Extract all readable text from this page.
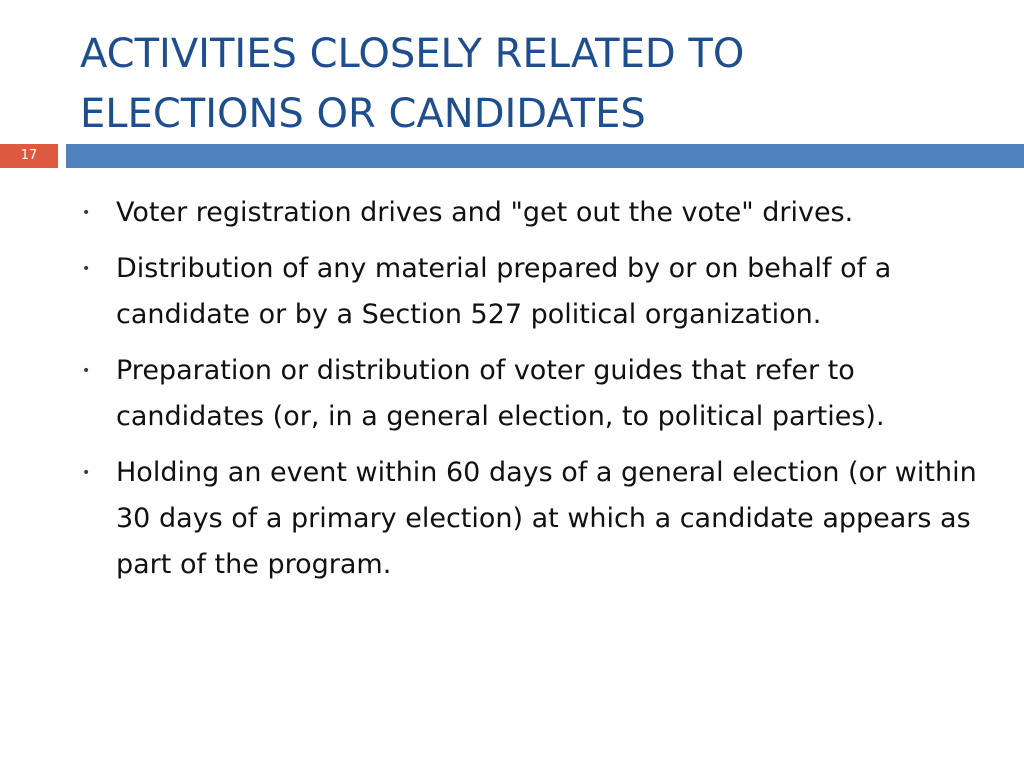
ACTIVITIES CLOSELY RELATED TO ELECTIONS OR CANDIDATES
17
• Voter registration drives and "get out the vote" drives.
• Distribution of any material prepared by or on behalf of a candidate or by a Section 527 political organization.
• Preparation or distribution of voter guides that refer to candidates (or, in a general election, to political parties).
• Holding an event within 60 days of a general election (or within 30 days of a primary election) at which a candidate appears as part of the program.
